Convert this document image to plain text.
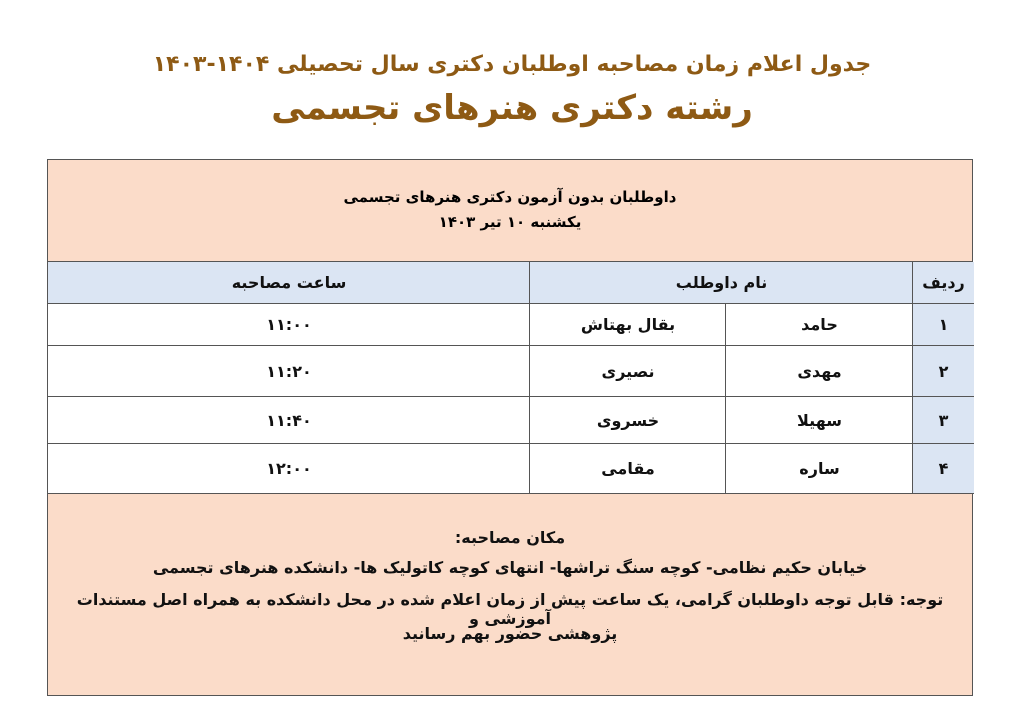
جدول اعلام زمان مصاحبه اوطلبان دکتری سال تحصیلی ۱۴۰۴-۱۴۰۳
رشته دکتری هنرهای تجسمی
داوطلبان بدون آزمون دکتری هنرهای تجسمی
یکشنبه ۱۰ تیر ۱۴۰۳
ردیف
نام داوطلب
ساعت مصاحبه
۱
حامد
بقال بهتاش
۱۱:۰۰
۲
مهدی
نصیری
۱۱:۲۰
۳
سهیلا
خسروی
۱۱:۴۰
۴
ساره
مقامی
۱۲:۰۰
مکان مصاحبه:
خیابان حکیم نظامی- کوچه سنگ تراشها- انتهای کوچه کاتولیک ها- دانشکده هنرهای تجسمی
توجه: قابل توجه داوطلبان گرامی، یک ساعت پیش از زمان اعلام شده در محل دانشکده به همراه اصل مستندات آموزشی و
پژوهشی حضور بهم رسانید
